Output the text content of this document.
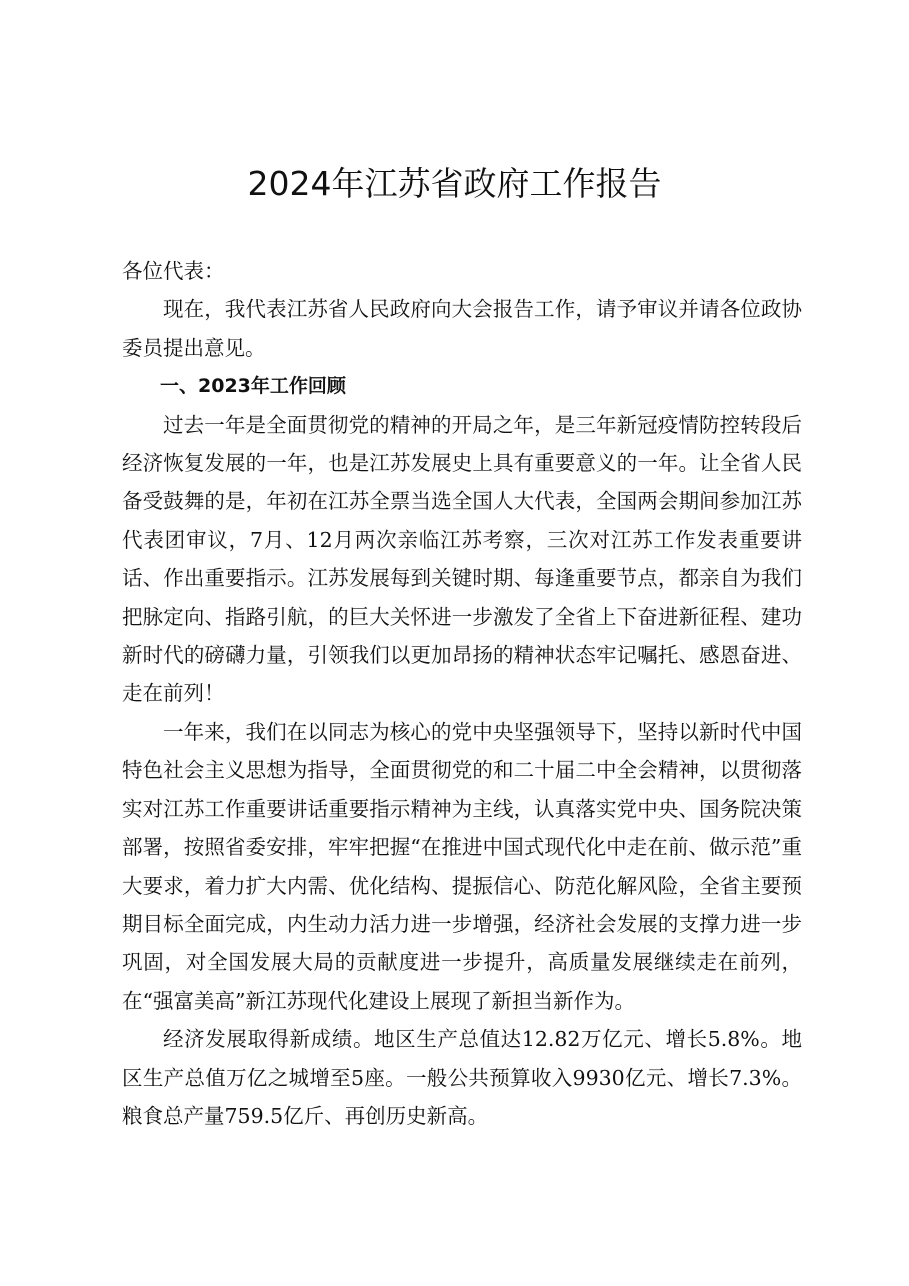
2024年江苏省政府工作报告

各位代表：

现在，我代表江苏省人民政府向大会报告工作，请予审议并请各位政协委员提出意见。

一、2023年工作回顾

过去一年是全面贯彻党的精神的开局之年，是三年新冠疫情防控转段后经济恢复发展的一年，也是江苏发展史上具有重要意义的一年。让全省人民备受鼓舞的是，年初在江苏全票当选全国人大代表，全国两会期间参加江苏代表团审议，7月、12月两次亲临江苏考察，三次对江苏工作发表重要讲话、作出重要指示。江苏发展每到关键时期、每逢重要节点，都亲自为我们把脉定向、指路引航，的巨大关怀进一步激发了全省上下奋进新征程、建功新时代的磅礴力量，引领我们以更加昂扬的精神状态牢记嘱托、感恩奋进、走在前列！

一年来，我们在以同志为核心的党中央坚强领导下，坚持以新时代中国特色社会主义思想为指导，全面贯彻党的和二十届二中全会精神，以贯彻落实对江苏工作重要讲话重要指示精神为主线，认真落实党中央、国务院决策部署，按照省委安排，牢牢把握“在推进中国式现代化中走在前、做示范”重大要求，着力扩大内需、优化结构、提振信心、防范化解风险，全省主要预期目标全面完成，内生动力活力进一步增强，经济社会发展的支撑力进一步巩固，对全国发展大局的贡献度进一步提升，高质量发展继续走在前列，在“强富美高”新江苏现代化建设上展现了新担当新作为。

经济发展取得新成绩。地区生产总值达12.82万亿元、增长5.8%。地区生产总值万亿之城增至5座。一般公共预算收入9930亿元、增长7.3%。粮食总产量759.5亿斤、再创历史新高。
